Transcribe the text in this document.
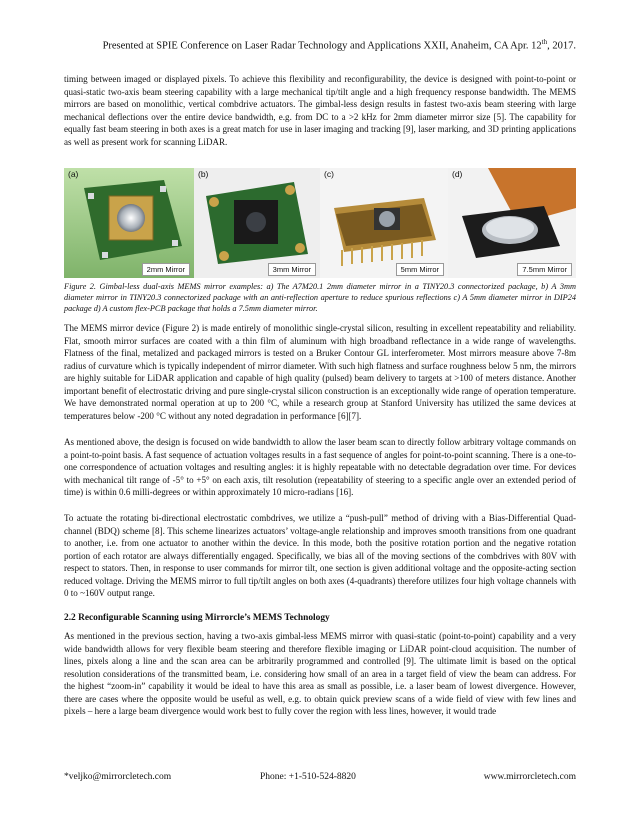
Presented at SPIE Conference on Laser Radar Technology and Applications XXII, Anaheim, CA Apr. 12th, 2017.

timing between imaged or displayed pixels. To achieve this flexibility and reconfigurability, the device is designed with point-to-point or quasi-static two-axis beam steering capability with a large mechanical tip/tilt angle and a high frequency response bandwidth. The MEMS mirrors are based on monolithic, vertical combdrive actuators. The gimbal-less design results in fastest two-axis beam steering with large mechanical deflections over the entire device bandwidth, e.g. from DC to a >2 kHz for 2mm diameter mirror size [5]. The capability for equally fast beam steering in both axes is a great match for use in laser imaging and tracking [9], laser marking, and 3D printing applications as well as present work for scanning LiDAR.

(a)
2mm Mirror
(b)
3mm Mirror
(c)
5mm Mirror
(d)
7.5mm Mirror
Figure 2. Gimbal-less dual-axis MEMS mirror examples: a) The A7M20.1 2mm diameter mirror in a TINY20.3 connectorized package, b) A 3mm diameter mirror in TINY20.3 connectorized package with an anti-reflection aperture to reduce spurious reflections c) A 5mm diameter mirror in DIP24 package d) A custom flex-PCB package that holds a 7.5mm diameter mirror.

The MEMS mirror device (Figure 2) is made entirely of monolithic single-crystal silicon, resulting in excellent repeatability and reliability. Flat, smooth mirror surfaces are coated with a thin film of aluminum with high broadband reflectance in a wide range of wavelengths. Flatness of the final, metalized and packaged mirrors is tested on a Bruker Contour GL interferometer. Most mirrors measure above 7-8m radius of curvature which is typically independent of mirror diameter. With such high flatness and surface roughness below 5 nm, the mirrors are highly suitable for LiDAR application and capable of high quality (pulsed) beam delivery to targets at >100 of meters distance. Another important benefit of electrostatic driving and pure single-crystal silicon construction is an exceptionally wide range of operation temperature. We have demonstrated normal operation at up to 200 °C, while a research group at Stanford University has utilized the same devices at temperatures below -200 °C without any noted degradation in performance [6][7].

As mentioned above, the design is focused on wide bandwidth to allow the laser beam scan to directly follow arbitrary voltage commands on a point-to-point basis. A fast sequence of actuation voltages results in a fast sequence of angles for point-to-point scanning. There is a one-to-one correspondence of actuation voltages and resulting angles: it is highly repeatable with no detectable degradation over time. For devices with mechanical tilt range of -5° to +5° on each axis, tilt resolution (repeatability of steering to a specific angle over an extended period of time) is within 0.6 milli-degrees or within approximately 10 micro-radians [16].

To actuate the rotating bi-directional electrostatic combdrives, we utilize a “push-pull” method of driving with a Bias-Differential Quad-channel (BDQ) scheme [8]. This scheme linearizes actuators’ voltage-angle relationship and improves smooth transitions from one quadrant to another, i.e. from one actuator to another within the device. In this mode, both the positive rotation portion and the negative rotation portion of each rotator are always differentially engaged. Specifically, we bias all of the moving sections of the combdrives with 80V with respect to stators. Then, in response to user commands for mirror tilt, one section is given additional voltage and the opposite-acting section reduced voltage. Driving the MEMS mirror to full tip/tilt angles on both axes (4-quadrants) therefore utilizes four high voltage channels with 0 to ~160V output range.

2.2 Reconfigurable Scanning using Mirrorcle’s MEMS Technology

As mentioned in the previous section, having a two-axis gimbal-less MEMS mirror with quasi-static (point-to-point) capability and a very wide bandwidth allows for very flexible beam steering and therefore flexible imaging or LiDAR point-cloud acquisition. The number of lines, pixels along a line and the scan area can be arbitrarily programmed and controlled [9]. The ultimate limit is based on the optical resolution considerations of the transmitted beam, i.e. considering how small of an area in a target field of view the beam can address. For the highest “zoom-in” capability it would be ideal to have this area as small as possible, i.e. a laser beam of lowest divergence. However, there are cases where the opposite would be useful as well, e.g. to obtain quick preview scans of a wide field of view with few lines and pixels – here a large beam divergence would work best to fully cover the region with less lines, however, it would trade

*veljko@mirrorcletech.com	Phone: +1-510-524-8820	www.mirrorcletech.com
